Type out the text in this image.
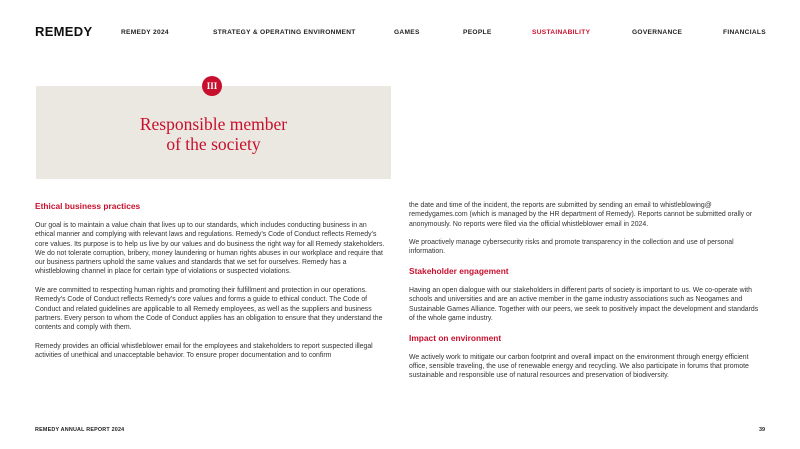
REMEDY	REMEDY 2024	STRATEGY & OPERATING ENVIRONMENT	GAMES	PEOPLE	SUSTAINABILITY	GOVERNANCE	FINANCIALS
III
Responsible member
of the society
Ethical business practices

Our goal is to maintain a value chain that lives up to our standards, which includes conducting business in an ethical manner and complying with relevant laws and regulations. Remedy’s Code of Conduct reflects Remedy’s core values. Its purpose is to help us live by our values and do business the right way for all Remedy stakeholders. We do not tolerate corruption, bribery, money laundering or human rights abuses in our workplace and require that our business partners uphold the same values and standards that we set for ourselves. Remedy has a whistleblowing channel in place for certain type of violations or suspected violations.

We are committed to respecting human rights and promoting their fulfillment and protection in our operations. Remedy’s Code of Conduct reflects Remedy’s core values and forms a guide to ethical conduct. The Code of Conduct and related guidelines are applicable to all Remedy employees, as well as the suppliers and business partners. Every person to whom the Code of Conduct applies has an obligation to ensure that they understand the contents and comply with them.

Remedy provides an official whistleblower email for the employees and stakeholders to report suspected illegal activities of unethical and unacceptable behavior. To ensure proper documentation and to confirm

the date and time of the incident, the reports are submitted by sending an email to whistleblowing@ remedygames.com (which is managed by the HR department of Remedy). Reports cannot be submitted orally or anonymously. No reports were filed via the official whistleblower email in 2024.

We proactively manage cybersecurity risks and promote transparency in the collection and use of personal information.

Stakeholder engagement

Having an open dialogue with our stakeholders in different parts of society is important to us. We co-operate with schools and universities and are an active member in the game industry associations such as Neogames and Sustainable Games Alliance. Together with our peers, we seek to positively impact the development and standards of the whole game industry.

Impact on environment

We actively work to mitigate our carbon footprint and overall impact on the environment through energy efficient office, sensible traveling, the use of renewable energy and recycling. We also participate in forums that promote sustainable and responsible use of natural resources and preservation of biodiversity.

REMEDY ANNUAL REPORT 2024	39
